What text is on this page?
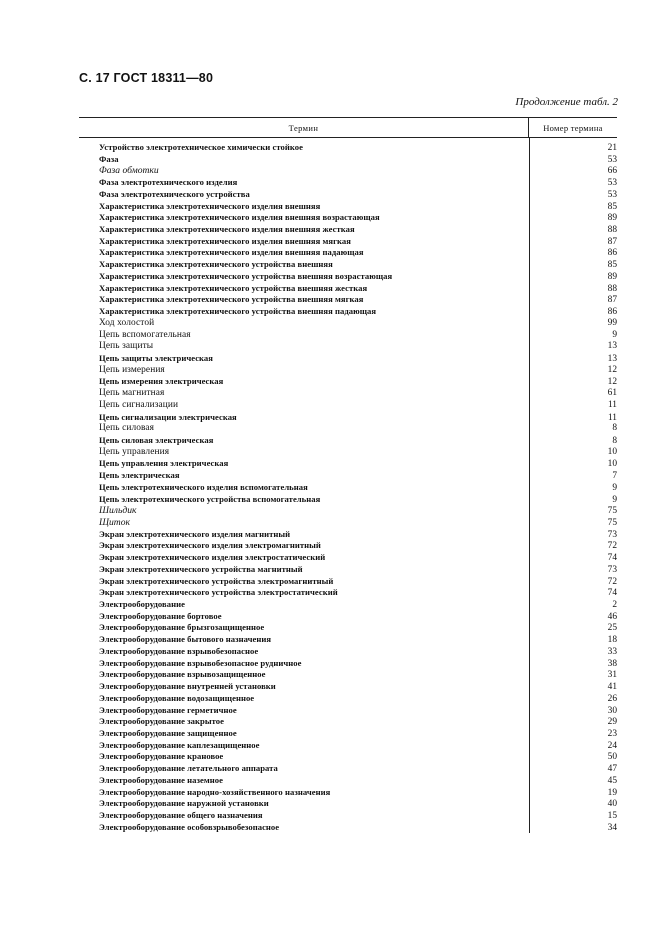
С. 17 ГОСТ 18311—80
Продолжение табл. 2
Термин	Номер термина
Устройство электротехническое химически стойкое	21
Фаза	53
Фаза обмотки	66
Фаза электротехнического изделия	53
Фаза электротехнического устройства	53
Характеристика электротехнического изделия внешняя	85
Характеристика электротехнического изделия внешняя возрастающая	89
Характеристика электротехнического изделия внешняя жесткая	88
Характеристика электротехнического изделия внешняя мягкая	87
Характеристика электротехнического изделия внешняя падающая	86
Характеристика электротехнического устройства внешняя	85
Характеристика электротехнического устройства внешняя возрастающая	89
Характеристика электротехнического устройства внешняя жесткая	88
Характеристика электротехнического устройства внешняя мягкая	87
Характеристика электротехнического устройства внешняя падающая	86
Ход холостой	99
Цепь вспомогательная	9
Цепь защиты	13
Цепь защиты электрическая	13
Цепь измерения	12
Цепь измерения электрическая	12
Цепь магнитная	61
Цепь сигнализации	11
Цепь сигнализации электрическая	11
Цепь силовая	8
Цепь силовая электрическая	8
Цепь управления	10
Цепь управления электрическая	10
Цепь электрическая	7
Цепь электротехнического изделия вспомогательная	9
Цепь электротехнического устройства вспомогательная	9
Шильдик	75
Щиток	75
Экран электротехнического изделия магнитный	73
Экран электротехнического изделия электромагнитный	72
Экран электротехнического изделия электростатический	74
Экран электротехнического устройства магнитный	73
Экран электротехнического устройства электромагнитный	72
Экран электротехнического устройства электростатический	74
Электрооборудование	2
Электрооборудование бортовое	46
Электрооборудование брызгозащищенное	25
Электрооборудование бытового назначения	18
Электрооборудование взрывобезопасное	33
Электрооборудование взрывобезопасное рудничное	38
Электрооборудование взрывозащищенное	31
Электрооборудование внутренней установки	41
Электрооборудование водозащищенное	26
Электрооборудование герметичное	30
Электрооборудование закрытое	29
Электрооборудование защищенное	23
Электрооборудование каплезащищенное	24
Электрооборудование крановое	50
Электрооборудование летательного аппарата	47
Электрооборудование наземное	45
Электрооборудование народно-хозяйственного назначения	19
Электрооборудование наружной установки	40
Электрооборудование общего назначения	15
Электрооборудование особовзрывобезопасное	34
